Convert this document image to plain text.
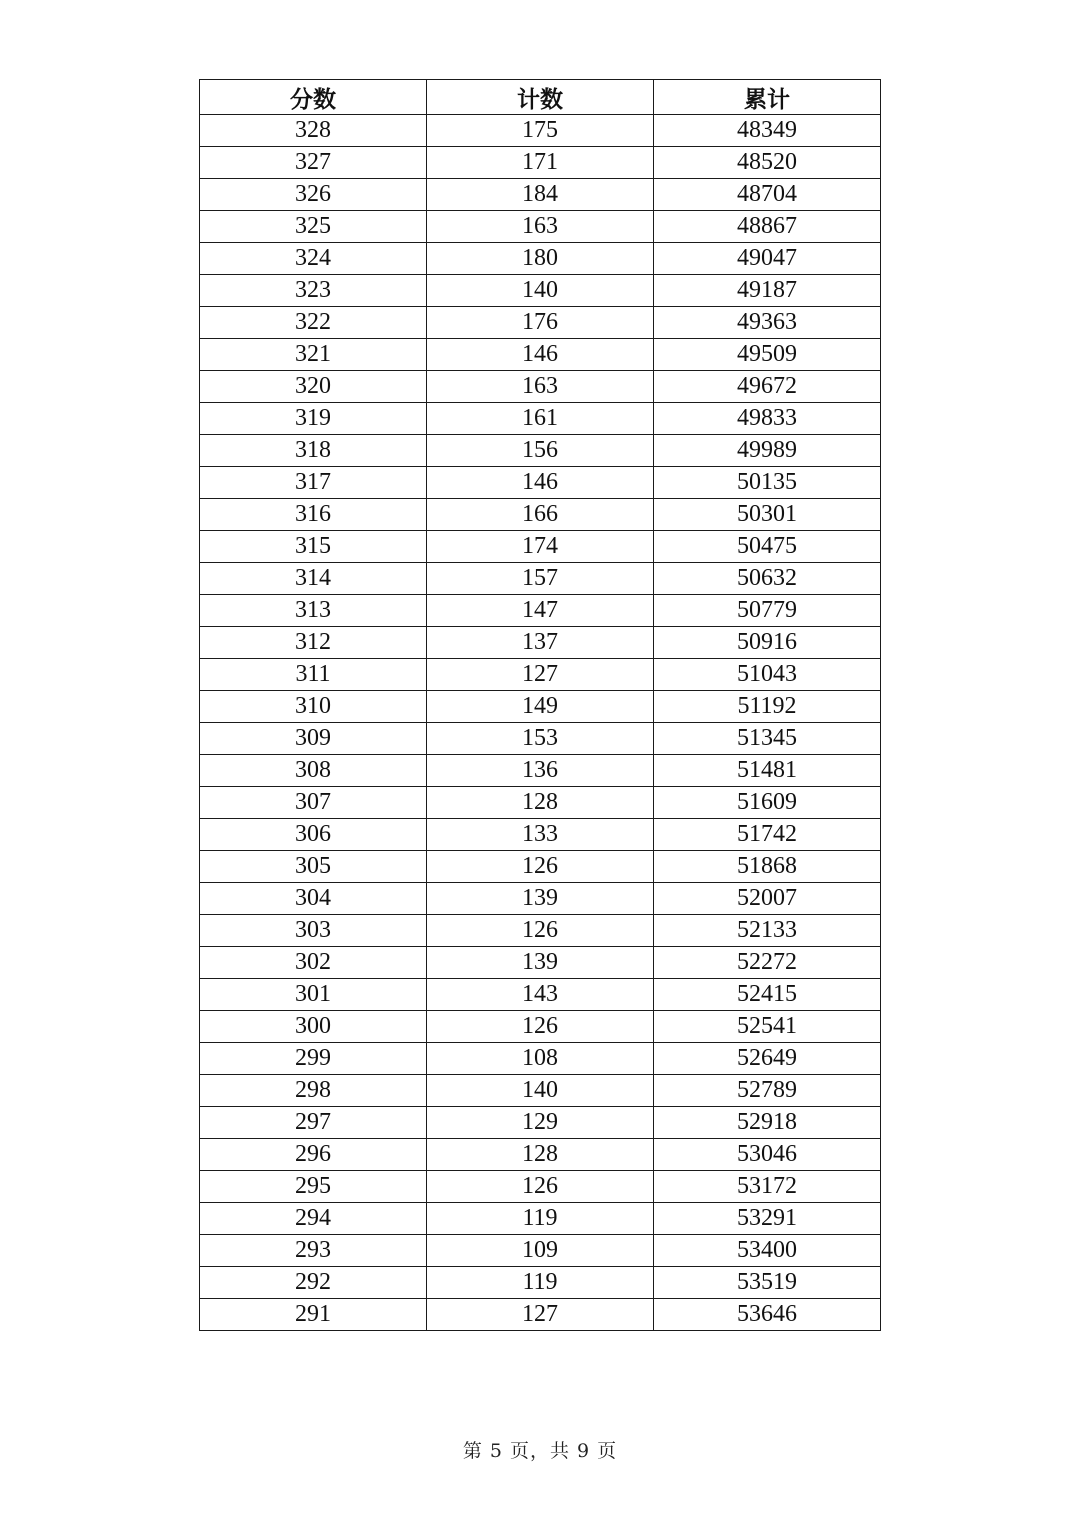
分数	计数	累计
328	175	48349
327	171	48520
326	184	48704
325	163	48867
324	180	49047
323	140	49187
322	176	49363
321	146	49509
320	163	49672
319	161	49833
318	156	49989
317	146	50135
316	166	50301
315	174	50475
314	157	50632
313	147	50779
312	137	50916
311	127	51043
310	149	51192
309	153	51345
308	136	51481
307	128	51609
306	133	51742
305	126	51868
304	139	52007
303	126	52133
302	139	52272
301	143	52415
300	126	52541
299	108	52649
298	140	52789
297	129	52918
296	128	53046
295	126	53172
294	119	53291
293	109	53400
292	119	53519
291	127	53646
第 5 页，共 9 页
